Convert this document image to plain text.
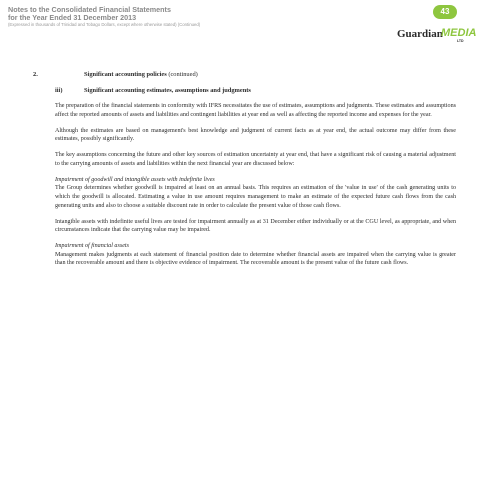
Notes to the Consolidated Financial Statements
for the Year Ended 31 December 2013
(Expressed in thousands of Trinidad and Tobago Dollars, except where otherwise stated) (Continued)
43
Guardian
MEDIA
LTD
2.	Significant accounting policies (continued)
iii)	Significant accounting estimates, assumptions and judgments

The preparation of the financial statements in conformity with IFRS necessitates the use of estimates, assumptions and judgments. These estimates and assumptions affect the reported amounts of assets and liabilities and contingent liabilities at year end as well as affecting the reported income and expenses for the year.

Although the estimates are based on management's best knowledge and judgment of current facts as at year end, the actual outcome may differ from these estimates, possibly significantly.

The key assumptions concerning the future and other key sources of estimation uncertainty at year end, that have a significant risk of causing a material adjustment to the carrying amounts of assets and liabilities within the next financial year are discussed below:

Impairment of goodwill and intangible assets with indefinite lives

The Group determines whether goodwill is impaired at least on an annual basis. This requires an estimation of the 'value in use' of the cash generating units to which the goodwill is allocated. Estimating a value in use amount requires management to make an estimate of the expected future cash flows from the cash generating units and also to choose a suitable discount rate in order to calculate the present value of those cash flows.

Intangible assets with indefinite useful lives are tested for impairment annually as at 31 December either individually or at the CGU level, as appropriate, and when circumstances indicate that the carrying value may be impaired.

Impairment of financial assets

Management makes judgments at each statement of financial position date to determine whether financial assets are impaired when the carrying value is greater than the recoverable amount and there is objective evidence of impairment. The recoverable amount is the present value of the future cash flows.
